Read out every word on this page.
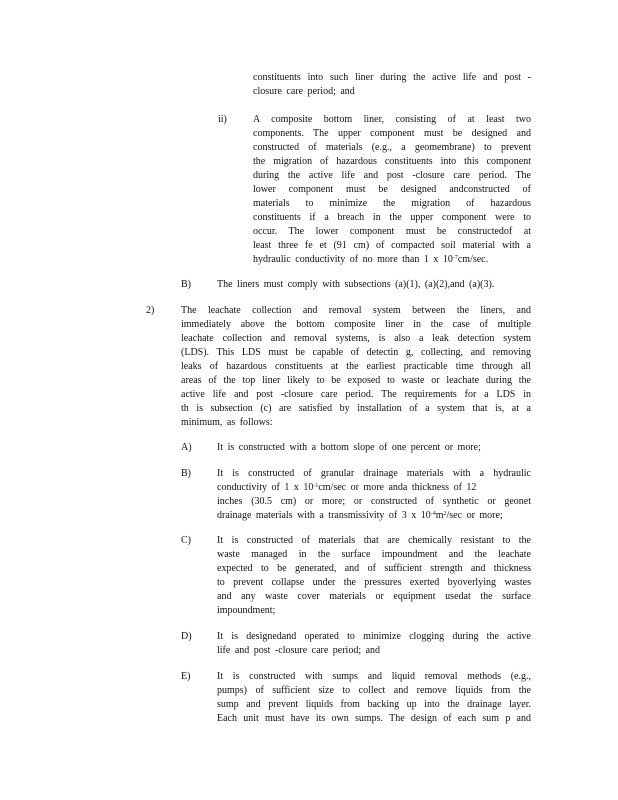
constituents into such liner during the active life and post -
closure care period; and
ii)	A composite bottom liner, consisting of at least two
components. The upper component must be designed and
constructed of materials (e.g., a geomembrane) to prevent
the migration of hazardous constituents into this component
during the active life and post -closure care period. The
lower component must be designed andconstructed of
materials to minimize the migration of hazardous
constituents if a breach in the upper component were to
occur. The lower component must be constructedof at
least three fe et (91 cm) of compacted soil material with a
hydraulic conductivity of no more than 1 x $10^{-7}cm/\sec$.
B)	The liners must comply with subsections (a)(1), (a)(2),and (a)(3).
2)	The leachate collection and removal system between the liners, and
immediately above the bottom composite liner in the case of multiple
leachate collection and removal systems, is also a leak detection system
(LDS). This LDS must be capable of detectin g, collecting, and removing
leaks of hazardous constituents at the earliest practicable time through all
areas of the top liner likely to be exposed to waste or leachate during the
active life and post -closure care period. The requirements for a LDS in
th is subsection (c) are satisfied by installation of a system that is, at a
minimum, as follows:
A)	It is constructed with a bottom slope of one percent or more;
B)	It is constructed of granular drainage materials with a hydraulic
conductivity of 1 x $10^{-1}cm/\sec$ or more anda thickness of 12
inches (30.5 cm) or more; or constructed of synthetic or geonet
drainage materials with a transmissivity of 3 x $10^{-4}m^2/\sec$ or more;
C)	It is constructed of materials that are chemically resistant to the
waste managed in the surface impoundment and the leachate
expected to be generated, and of sufficient strength and thickness
to prevent collapse under the pressures exerted byoverlying wastes
and any waste cover materials or equipment usedat the surface
impoundment;
D)	It is designedand operated to minimize clogging during the active
life and post -closure care period; and
E)	It is constructed with sumps and liquid removal methods (e.g.,
pumps) of sufficient size to collect and remove liquids from the
sump and prevent liquids from backing up into the drainage layer.
Each unit must have its own sumps. The design of each sum p and
